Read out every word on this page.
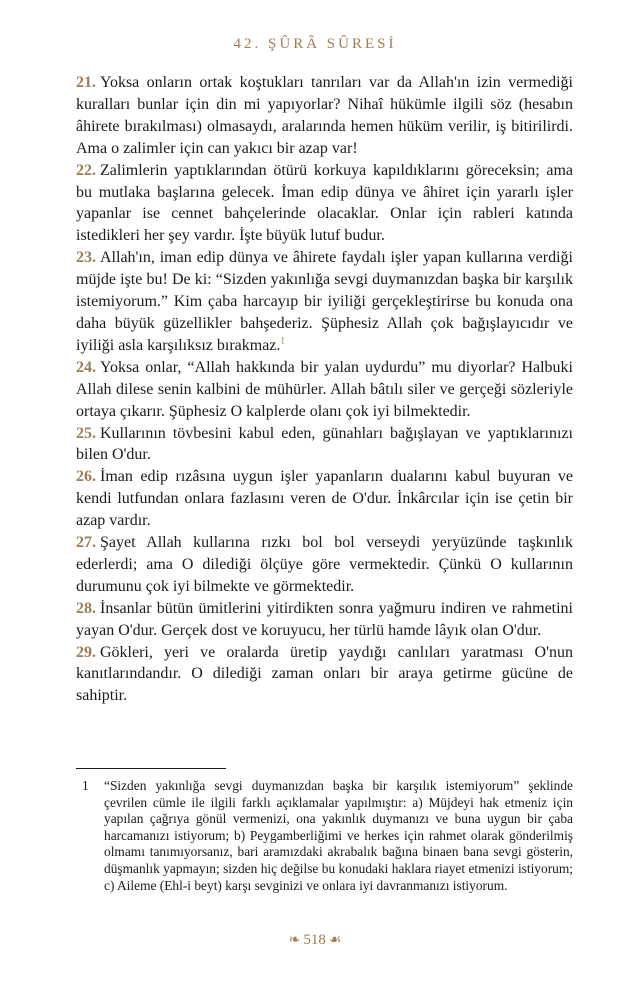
42. ŞÛRÂ SÛRESİ

21. Yoksa onların ortak koştukları tanrıları var da Allah'ın izin vermediği kuralları bunlar için din mi yapıyorlar? Nihaî hükümle ilgili söz (hesabın âhirete bırakılması) olmasaydı, aralarında hemen hüküm verilir, iş bitirilirdi. Ama o zalimler için can yakıcı bir azap var!

22. Zalimlerin yaptıklarından ötürü korkuya kapıldıklarını göreceksin; ama bu mutlaka başlarına gelecek. İman edip dünya ve âhiret için yararlı işler yapanlar ise cennet bahçelerinde olacaklar. Onlar için rableri katında istedikleri her şey vardır. İşte büyük lutuf budur.

23. Allah'ın, iman edip dünya ve âhirete faydalı işler yapan kullarına verdiği müjde işte bu! De ki: “Sizden yakınlığa sevgi duymanızdan başka bir karşılık istemiyorum.” Kim çaba harcayıp bir iyiliği gerçekleştirirse bu konuda ona daha büyük güzellikler bahşederiz. Şüphesiz Allah çok bağışlayıcıdır ve iyiliği asla karşılıksız bırakmaz.$^1$

24. Yoksa onlar, “Allah hakkında bir yalan uydurdu” mu diyorlar? Halbuki Allah dilese senin kalbini de mühürler. Allah bâtılı siler ve gerçeği sözleriyle ortaya çıkarır. Şüphesiz O kalplerde olanı çok iyi bilmektedir.

25. Kullarının tövbesini kabul eden, günahları bağışlayan ve yaptıklarınızı bilen O'dur.

26. İman edip rızâsına uygun işler yapanların dualarını kabul buyuran ve kendi lutfundan onlara fazlasını veren de O'dur. İnkârcılar için ise çetin bir azap vardır.

27. Şayet Allah kullarına rızkı bol bol verseydi yeryüzünde taşkınlık ederlerdi; ama O dilediği ölçüye göre vermektedir. Çünkü O kullarının durumunu çok iyi bilmekte ve görmektedir.

28. İnsanlar bütün ümitlerini yitirdikten sonra yağmuru indiren ve rahmetini yayan O'dur. Gerçek dost ve koruyucu, her türlü hamde lâyık olan O'dur.

29. Gökleri, yeri ve oralarda üretip yaydığı canlıları yaratması O'nun kanıtlarındandır. O dilediği zaman onları bir araya getirme gücüne de sahiptir.

1	“Sizden yakınlığa sevgi duymanızdan başka bir karşılık istemiyorum” şeklinde çevrilen cümle ile ilgili farklı açıklamalar yapılmıştır: a) Müjdeyi hak etmeniz için yapılan çağrıya gönül vermenizi, ona yakınlık duymanızı ve buna uygun bir çaba harcamanızı istiyorum; b) Peygamberliğimi ve herkes için rahmet olarak gönderilmiş olmamı tanımıyorsanız, bari aramızdaki akrabalık bağına binaen bana sevgi gösterin, düşmanlık yapmayın; sizden hiç değilse bu konudaki haklara riayet etmenizi istiyorum; c) Aileme (Ehl-i beyt) karşı sevginizi ve onlara iyi davranmanızı istiyorum.
❧ 518 ☙
